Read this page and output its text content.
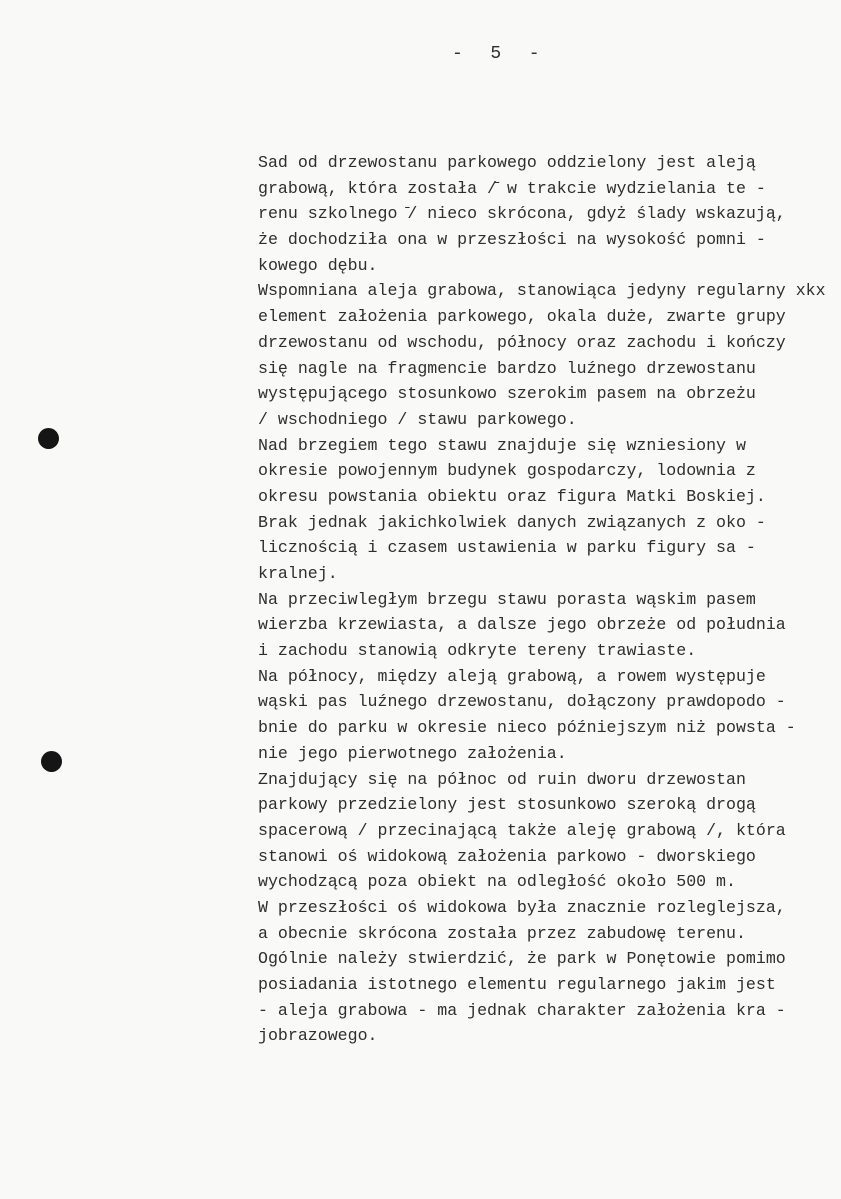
-  5  -
Sad od drzewostanu parkowego oddzielony jest aleją
grabową, która została /̄ w trakcie wydzielania te -
renu szkolnego ̄/ nieco skrócona, gdyż ślady wskazują,
że dochodziła ona w przeszłości na wysokość pomni -
kowego dębu.
Wspomniana aleja grabowa, stanowiąca jedyny regularny xkx
element założenia parkowego, okala duże, zwarte grupy
drzewostanu od wschodu, północy oraz zachodu i kończy
się nagle na fragmencie bardzo luźnego drzewostanu
występującego stosunkowo szerokim pasem na obrzeżu
/ wschodniego / stawu parkowego.
Nad brzegiem tego stawu znajduje się wzniesiony w
okresie powojennym budynek gospodarczy, lodownia z
okresu powstania obiektu oraz figura Matki Boskiej.
Brak jednak jakichkolwiek danych związanych z oko -
licznością i czasem ustawienia w parku figury sa -
kralnej.
Na przeciwległym brzegu stawu porasta wąskim pasem
wierzba krzewiasta, a dalsze jego obrzeże od południa
i zachodu stanowią odkryte tereny trawiaste.
Na północy, między aleją grabową, a rowem występuje
wąski pas luźnego drzewostanu, dołączony prawdopodo -
bnie do parku w okresie nieco późniejszym niż powsta -
nie jego pierwotnego założenia.
Znajdujący się na północ od ruin dworu drzewostan
parkowy przedzielony jest stosunkowo szeroką drogą
spacerową / przecinającą także aleję grabową /, która
stanowi oś widokową założenia parkowo - dworskiego
wychodzącą poza obiekt na odległość około 500 m.
W przeszłości oś widokowa była znacznie rozleglejsza,
a obecnie skrócona została przez zabudowę terenu.
Ogólnie należy stwierdzić, że park w Ponętowie pomimo
posiadania istotnego elementu regularnego jakim jest
- aleja grabowa - ma jednak charakter założenia kra -
jobrazowego.
